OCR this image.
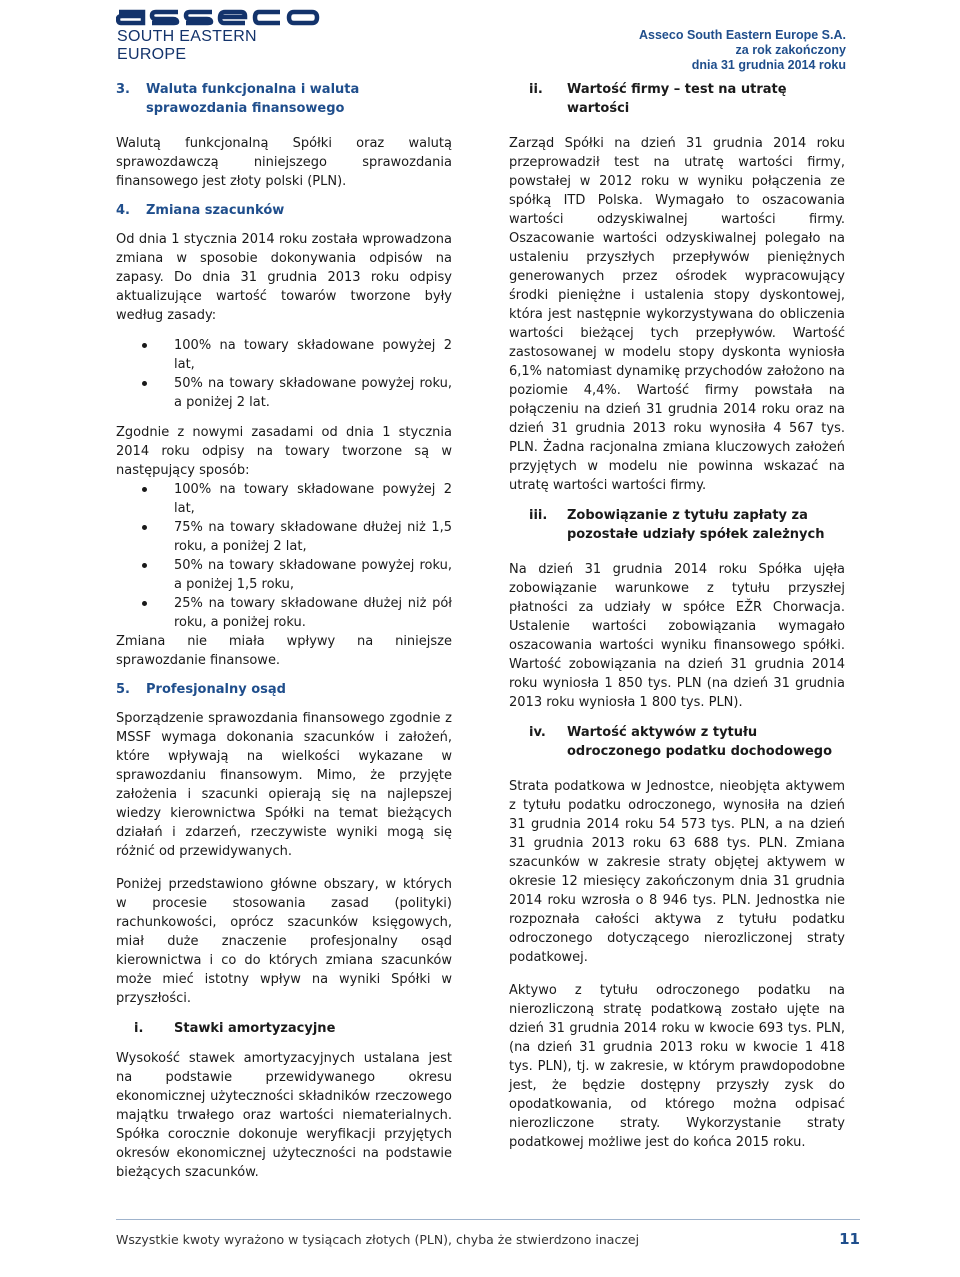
SOUTH EASTERN EUROPE
Asseco South Eastern Europe S.A.
za rok zakończony
dnia 31 grudnia 2014 roku
3.	Waluta funkcjonalna i waluta sprawozdania finansowego

Walutą funkcjonalną Spółki oraz walutą sprawozdawczą niniejszego sprawozdania finansowego jest złoty polski (PLN).

4.	Zmiana szacunków

Od dnia 1 stycznia 2014 roku została wprowadzona zmiana w sposobie dokonywania odpisów na zapasy. Do dnia 31 grudnia 2013 roku odpisy aktualizujące wartość towarów tworzone były według zasady:

100% na towary składowane powyżej 2 lat,
50% na towary składowane powyżej roku, a poniżej 2 lat.

Zgodnie z nowymi zasadami od dnia 1 stycznia 2014 roku odpisy na towary tworzone są w następujący sposób:

100% na towary składowane powyżej 2 lat,
75% na towary składowane dłużej niż 1,5 roku, a poniżej 2 lat,
50% na towary składowane powyżej roku, a poniżej 1,5 roku,
25% na towary składowane dłużej niż pół roku, a poniżej roku.

Zmiana nie miała wpływy na niniejsze sprawozdanie finansowe.

5.	Profesjonalny osąd

Sporządzenie sprawozdania finansowego zgodnie z MSSF wymaga dokonania szacunków i założeń, które wpływają na wielkości wykazane w sprawozdaniu finansowym. Mimo, że przyjęte założenia i szacunki opierają się na najlepszej wiedzy kierownictwa Spółki na temat bieżących działań i zdarzeń, rzeczywiste wyniki mogą się różnić od przewidywanych.

Poniżej przedstawiono główne obszary, w których w procesie stosowania zasad (polityki) rachunkowości, oprócz szacunków księgowych, miał duże znaczenie profesjonalny osąd kierownictwa i co do których zmiana szacunków może mieć istotny wpływ na wyniki Spółki w przyszłości.

i.	Stawki amortyzacyjne

Wysokość stawek amortyzacyjnych ustalana jest na podstawie przewidywanego okresu ekonomicznej użyteczności składników rzeczowego majątku trwałego oraz wartości niematerialnych. Spółka corocznie dokonuje weryfikacji przyjętych okresów ekonomicznej użyteczności na podstawie bieżących szacunków.

ii.	Wartość firmy – test na utratę wartości

Zarząd Spółki na dzień 31 grudnia 2014 roku przeprowadził test na utratę wartości firmy, powstałej w 2012 roku w wyniku połączenia ze spółką ITD Polska. Wymagało to oszacowania wartości odzyskiwalnej wartości firmy. Oszacowanie wartości odzyskiwalnej polegało na ustaleniu przyszłych przepływów pieniężnych generowanych przez ośrodek wypracowujący środki pieniężne i ustalenia stopy dyskontowej, która jest następnie wykorzystywana do obliczenia wartości bieżącej tych przepływów. Wartość zastosowanej w modelu stopy dyskonta wyniosła 6,1% natomiast dynamikę przychodów założono na poziomie 4,4%. Wartość firmy powstała na połączeniu na dzień 31 grudnia 2014 roku oraz na dzień 31 grudnia 2013 roku wynosiła 4 567 tys. PLN. Żadna racjonalna zmiana kluczowych założeń przyjętych w modelu nie powinna wskazać na utratę wartości wartości firmy.

iii.	Zobowiązanie z tytułu zapłaty za pozostałe udziały spółek zależnych

Na dzień 31 grudnia 2014 roku Spółka ujęła zobowiązanie warunkowe z tytułu przyszłej płatności za udziały w spółce EŽR Chorwacja. Ustalenie wartości zobowiązania wymagało oszacowania wartości wyniku finansowego spółki. Wartość zobowiązania na dzień 31 grudnia 2014 roku wyniosła 1 850 tys. PLN (na dzień 31 grudnia 2013 roku wyniosła 1 800 tys. PLN).

iv.	Wartość aktywów z tytułu odroczonego podatku dochodowego

Strata podatkowa w Jednostce, nieobjęta aktywem z tytułu podatku odroczonego, wynosiła na dzień 31 grudnia 2014 roku 54 573 tys. PLN, a na dzień 31 grudnia 2013 roku 63 688 tys. PLN. Zmiana szacunków w zakresie straty objętej aktywem w okresie 12 miesięcy zakończonym dnia 31 grudnia 2014 roku wzrosła o 8 946 tys. PLN. Jednostka nie rozpoznała całości aktywa z tytułu podatku odroczonego dotyczącego nierozliczonej straty podatkowej.

Aktywo z tytułu odroczonego podatku na nierozliczoną stratę podatkową zostało ujęte na dzień 31 grudnia 2014 roku w kwocie 693 tys. PLN, (na dzień 31 grudnia 2013 roku w kwocie 1 418 tys. PLN), tj. w zakresie, w którym prawdopodobne jest, że będzie dostępny przyszły zysk do opodatkowania, od którego można odpisać nierozliczone straty. Wykorzystanie straty podatkowej możliwe jest do końca 2015 roku.

Wszystkie kwoty wyrażono w tysiącach złotych (PLN), chyba że stwierdzono inaczej	11
